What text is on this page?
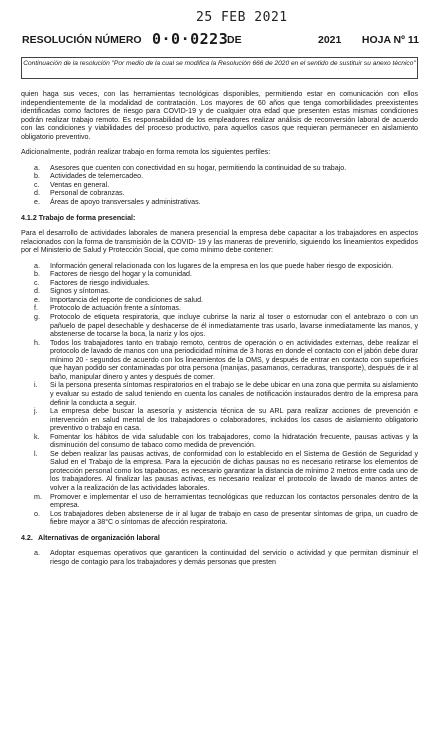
25 FEB 2021
RESOLUCIÓN NÚMERO 0·0·0223
DE	2021 HOJA Nº 11
Continuación de la resolución "Por medio de la cual se modifica la Resolución 666 de 2020 en el sentido de sustituir su anexo técnico"

quien haga sus veces, con las herramientas tecnológicas disponibles, permitiendo estar en comunicación con ellos independientemente de la modalidad de contratación. Los mayores de 60 años que tenga comorbilidades preexistentes identificadas como factores de riesgo para COVID-19 y de cualquier otra edad que presenten estas mismas condiciones podrán realizar trabajo remoto. Es responsabilidad de los empleadores realizar análisis de reconversión laboral de acuerdo con las condiciones y viabilidades del proceso productivo, para aquellos casos que requieran permanecer en aislamiento obligatorio preventivo.

Adicionalmente, podrán realizar trabajo en forma remota los siguientes perfiles:

a. Asesores que cuenten con conectividad en su hogar, permitiendo la continuidad de su trabajo.
b. Actividades de telemercadeo.
c. Ventas en general.
d. Personal de cobranzas.
e. Áreas de apoyo transversales y administrativas.
4.1.2 Trabajo de forma presencial:

Para el desarrollo de actividades laborales de manera presencial la empresa debe capacitar a los trabajadores en aspectos relacionados con la forma de transmisión de la COVID- 19 y las maneras de prevenirlo, siguiendo los lineamientos expedidos por el Ministerio de Salud y Protección Social, que como mínimo debe contener:

a. Información general relacionada con los lugares de la empresa en los que puede haber riesgo de exposición.
b. Factores de riesgo del hogar y la comunidad.
c. Factores de riesgo individuales.
d. Signos y síntomas.
e. Importancia del reporte de condiciones de salud.
f. Protocolo de actuación frente a síntomas.
g. Protocolo de etiqueta respiratoria, que incluye cubrirse la nariz al toser o estornudar con el antebrazo o con un pañuelo de papel desechable y deshacerse de él inmediatamente tras usarlo, lavarse inmediatamente las manos, y abstenerse de tocarse la boca, la nariz y los ojos.
h. Todos los trabajadores tanto en trabajo remoto, centros de operación o en actividades externas, debe realizar el protocolo de lavado de manos con una periodicidad mínima de 3 horas en donde el contacto con el jabón debe durar mínimo 20 - segundos de acuerdo con los lineamientos de la OMS, y después de entrar en contacto con superficies que hayan podido ser contaminadas por otra persona (manijas, pasamanos, cerraduras, transporte), después de ir al baño, manipular dinero y antes y después de comer.
i. Si la persona presenta síntomas respiratorios en el trabajo se le debe ubicar en una zona que permita su aislamiento y evaluar su estado de salud teniendo en cuenta los canales de notificación instaurados dentro de la empresa para definir la conducta a seguir.
j. La empresa debe buscar la asesoría y asistencia técnica de su ARL para realizar acciones de prevención e intervención en salud mental de los trabajadores o colaboradores, incluidos los casos de aislamiento obligatorio preventivo o trabajo en casa.
k. Fomentar los hábitos de vida saludable con los trabajadores, como la hidratación frecuente, pausas activas y la disminución del consumo de tabaco como medida de prevención.
l. Se deben realizar las pausas activas, de conformidad con lo establecido en el Sistema de Gestión de Seguridad y Salud en el Trabajo de la empresa. Para la ejecución de dichas pausas no es necesario retirarse los elementos de protección personal como los tapabocas, es necesario garantizar la distancia de mínimo 2 metros entre cada uno de los trabajadores. Al finalizar las pausas activas, es necesario realizar el protocolo de lavado de manos antes de volver a la realización de las actividades laborales.
m. Promover e implementar el uso de herramientas tecnológicas que reduzcan los contactos personales dentro de la empresa.
o. Los trabajadores deben abstenerse de ir al lugar de trabajo en caso de presentar síntomas de gripa, un cuadro de fiebre mayor a 38°C o síntomas de afección respiratoria.
4.2. Alternativas de organización laboral
a. Adoptar esquemas operativos que garanticen la continuidad del servicio o actividad y que permitan disminuir el riesgo de contagio para los trabajadores y demás personas que presten
